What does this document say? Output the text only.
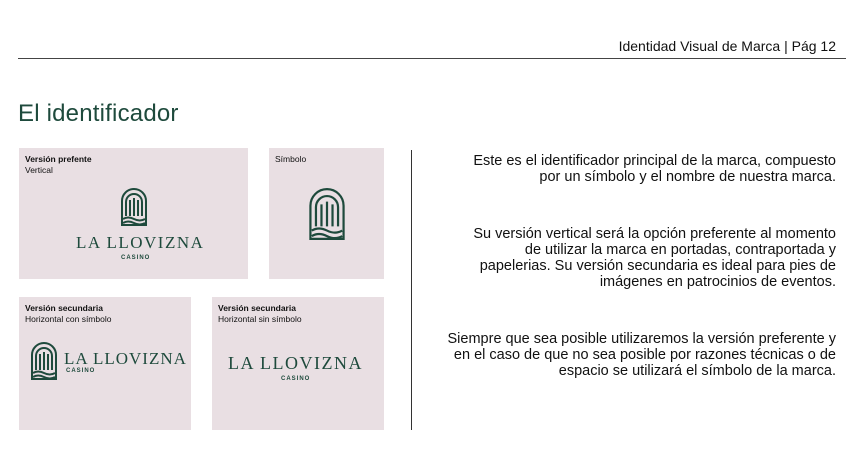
Identidad Visual de Marca | Pág 12
El identificador
Versión prefente
Vertical
LA LLOVIZNA
CASINO
Símbolo
Versión secundaria
Horizontal con símbolo
LA LLOVIZNA
CASINO
Versión secundaria
Horizontal sin símbolo
LA LLOVIZNA
CASINO
Este es el identificador principal de la marca, compuesto por un símbolo y el nombre de nuestra marca.
Su versión vertical será la opción preferente al momento de utilizar la marca en portadas, contraportada y papelerias. Su versión secundaria es ideal para pies de imágenes en patrocinios de eventos.
Siempre que sea posible utilizaremos la versión preferente y en el caso de que no sea posible por razones técnicas o de espacio se utilizará el símbolo de la marca.
